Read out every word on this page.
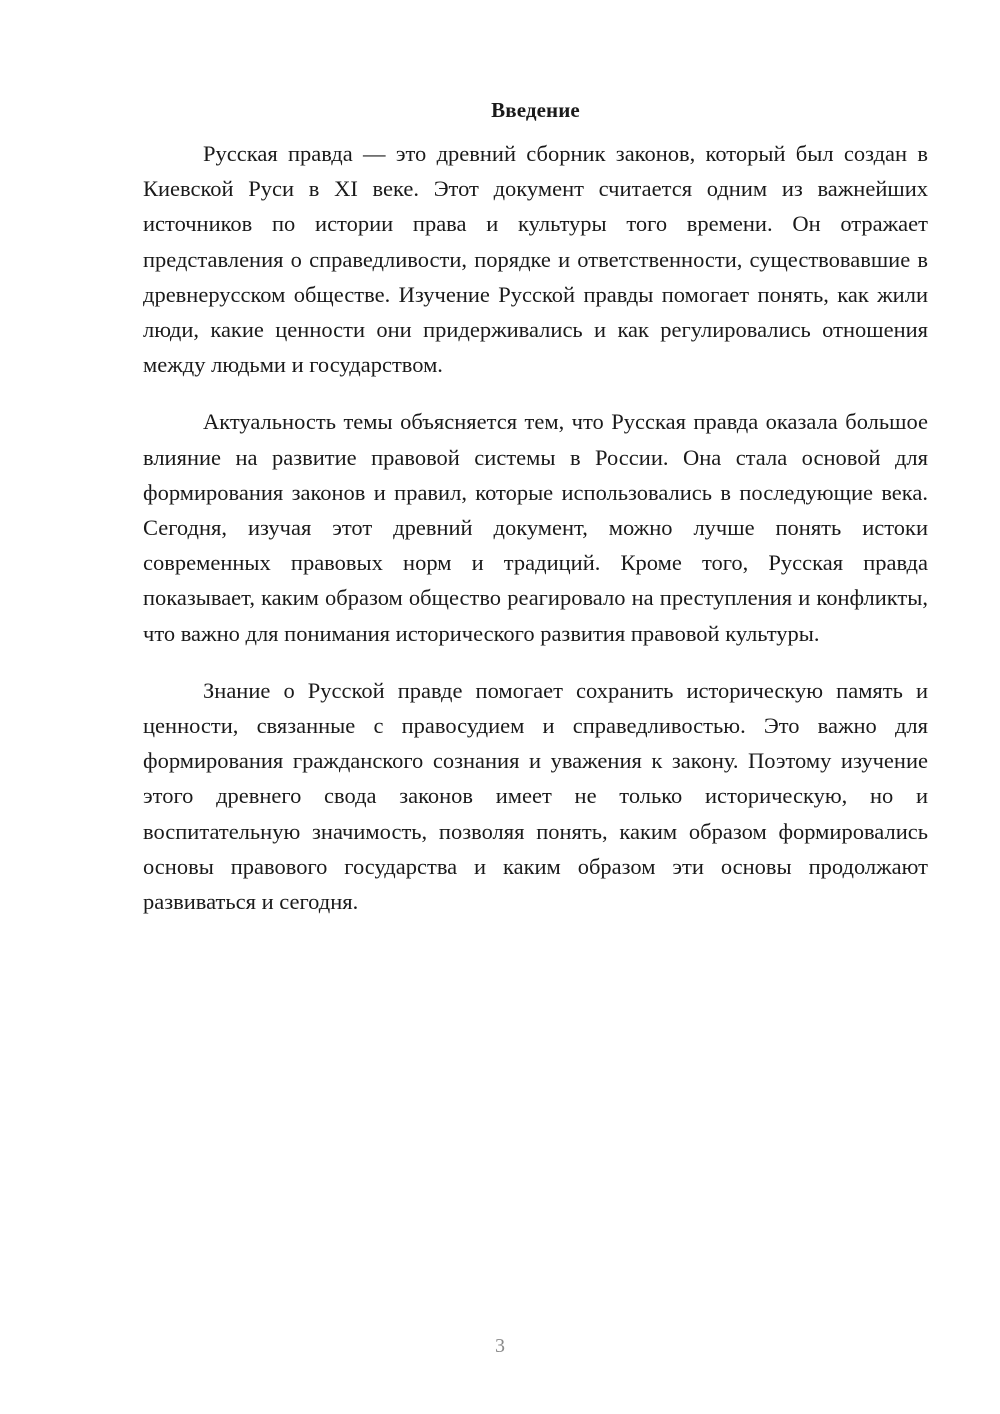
Введение

Русская правда — это древний сборник законов, который был создан в Киевской Руси в XI веке. Этот документ считается одним из важнейших источников по истории права и культуры того времени. Он отражает представления о справедливости, порядке и ответственности, существовавшие в древнерусском обществе. Изучение Русской правды помогает понять, как жили люди, какие ценности они придерживались и как регулировались отношения между людьми и государством.

Актуальность темы объясняется тем, что Русская правда оказала большое влияние на развитие правовой системы в России. Она стала основой для формирования законов и правил, которые использовались в последующие века. Сегодня, изучая этот древний документ, можно лучше понять истоки современных правовых норм и традиций. Кроме того, Русская правда показывает, каким образом общество реагировало на преступления и конфликты, что важно для понимания исторического развития правовой культуры.

Знание о Русской правде помогает сохранить историческую память и ценности, связанные с правосудием и справедливостью. Это важно для формирования гражданского сознания и уважения к закону. Поэтому изучение этого древнего свода законов имеет не только историческую, но и воспитательную значимость, позволяя понять, каким образом формировались основы правового государства и каким образом эти основы продолжают развиваться и сегодня.

3
